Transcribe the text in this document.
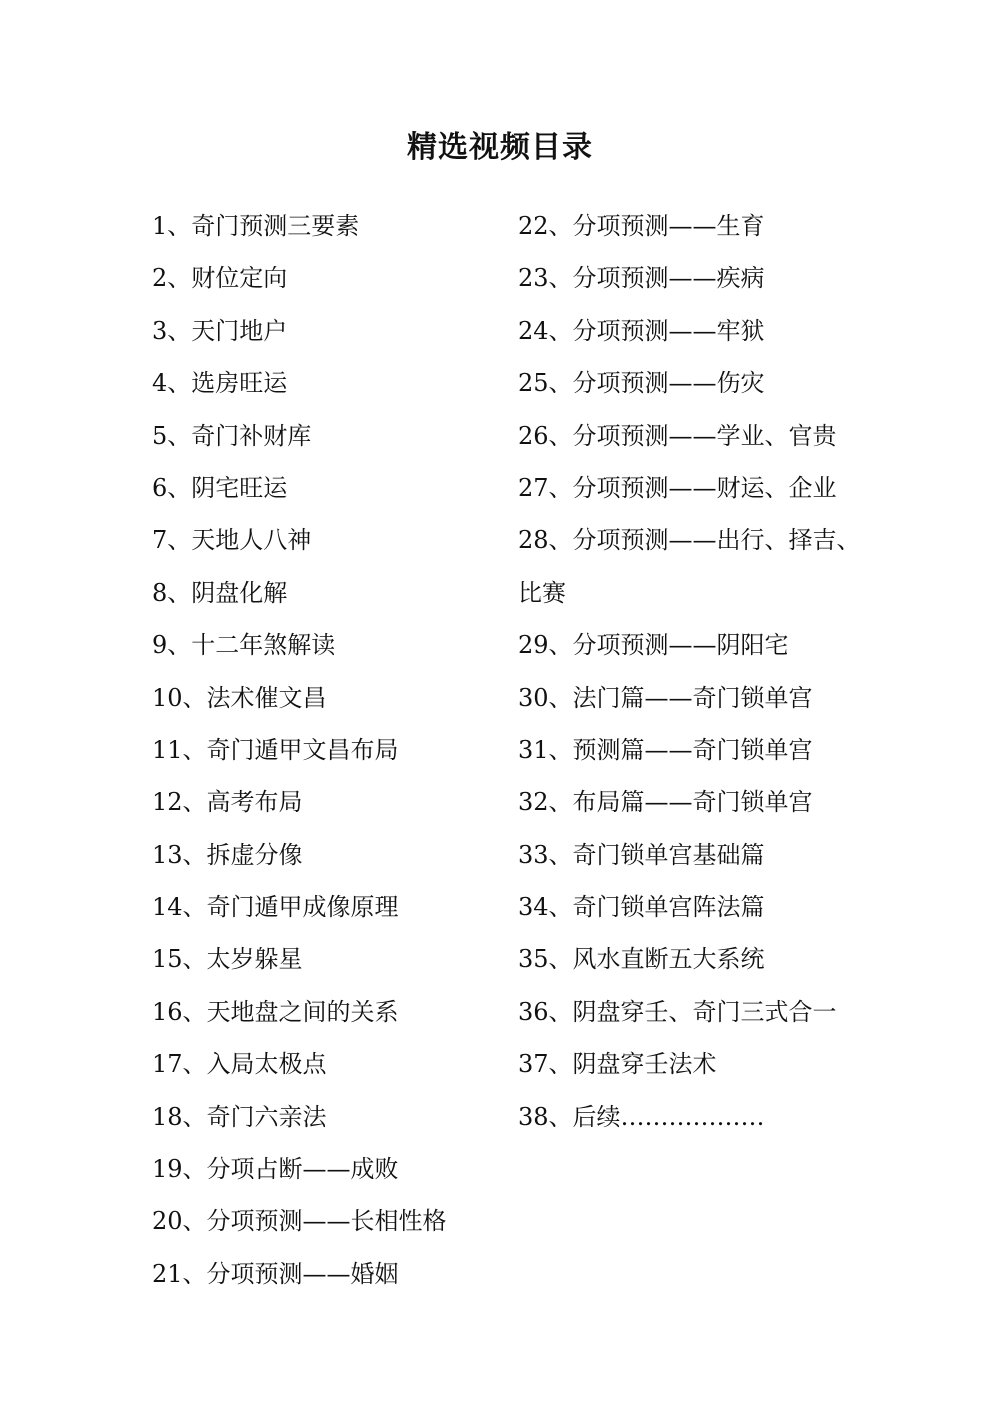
精选视频目录
1、奇门预测三要素
2、财位定向
3、天门地户
4、选房旺运
5、奇门补财库
6、阴宅旺运
7、天地人八神
8、阴盘化解
9、十二年煞解读
10、法术催文昌
11、奇门遁甲文昌布局
12、高考布局
13、拆虚分像
14、奇门遁甲成像原理
15、太岁躲星
16、天地盘之间的关系
17、入局太极点
18、奇门六亲法
19、分项占断——成败
20、分项预测——长相性格
21、分项预测——婚姻
22、分项预测——生育
23、分项预测——疾病
24、分项预测——牢狱
25、分项预测——伤灾
26、分项预测——学业、官贵
27、分项预测——财运、企业
28、分项预测——出行、择吉、
比赛
29、分项预测——阴阳宅
30、法门篇——奇门锁单宫
31、预测篇——奇门锁单宫
32、布局篇——奇门锁单宫
33、奇门锁单宫基础篇
34、奇门锁单宫阵法篇
35、风水直断五大系统
36、阴盘穿壬、奇门三式合一
37、阴盘穿壬法术
38、后续………………
